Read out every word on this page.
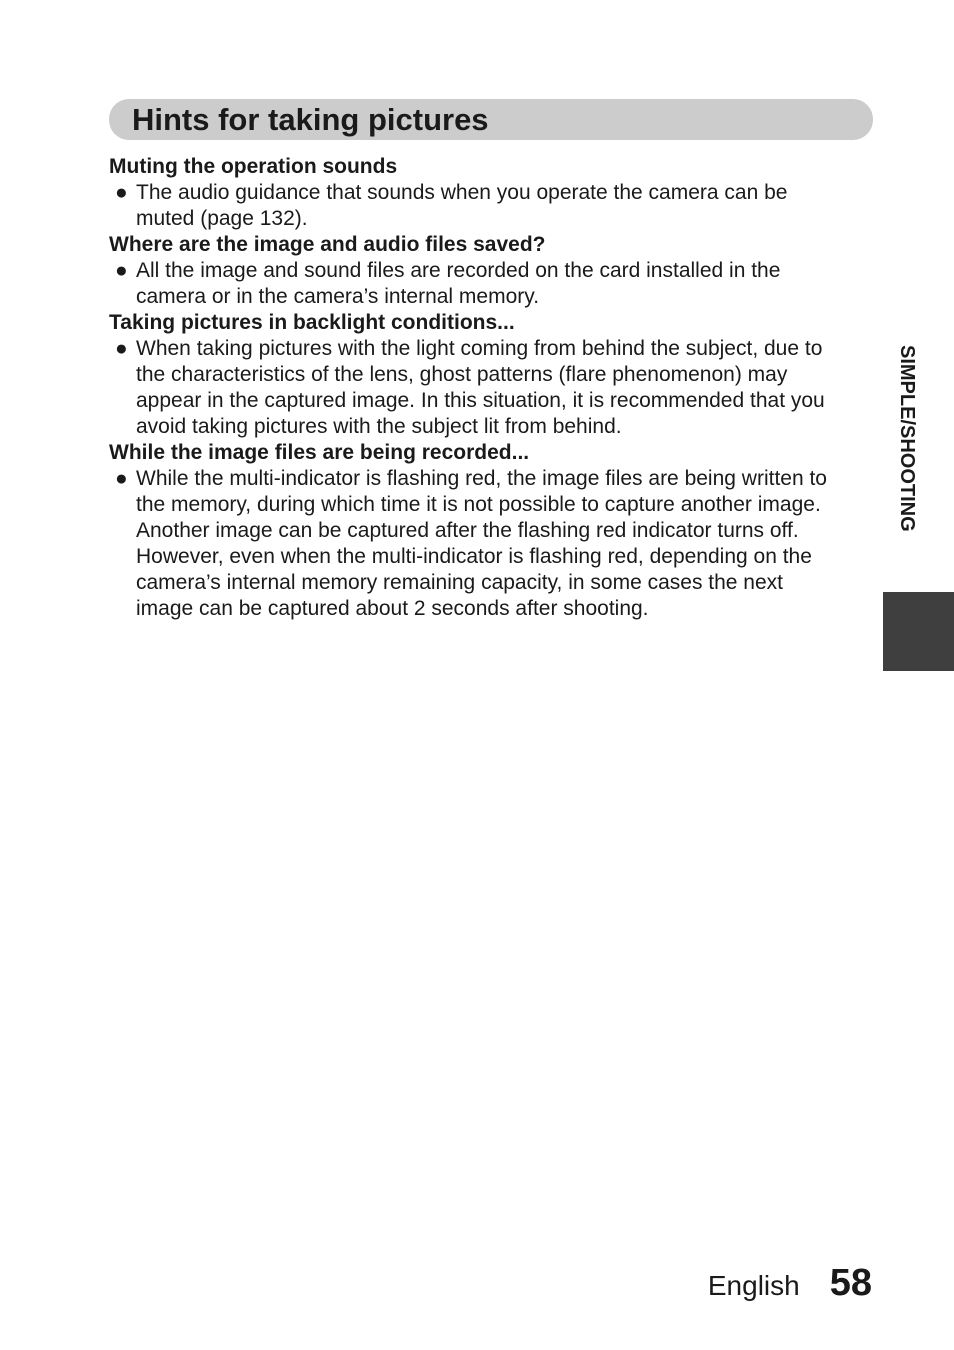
Hints for taking pictures

Muting the operation sounds

● The audio guidance that sounds when you operate the camera can be
muted (page 132).

Where are the image and audio files saved?

● All the image and sound files are recorded on the card installed in the
camera or in the camera’s internal memory.

Taking pictures in backlight conditions...

● When taking pictures with the light coming from behind the subject, due to
the characteristics of the lens, ghost patterns (flare phenomenon) may
appear in the captured image. In this situation, it is recommended that you
avoid taking pictures with the subject lit from behind.

While the image files are being recorded...

● While the multi-indicator is flashing red, the image files are being written to
the memory, during which time it is not possible to capture another image.
Another image can be captured after the flashing red indicator turns off.
However, even when the multi-indicator is flashing red, depending on the
camera’s internal memory remaining capacity, in some cases the next
image can be captured about 2 seconds after shooting.
SIMPLE/SHOOTING
English 58
